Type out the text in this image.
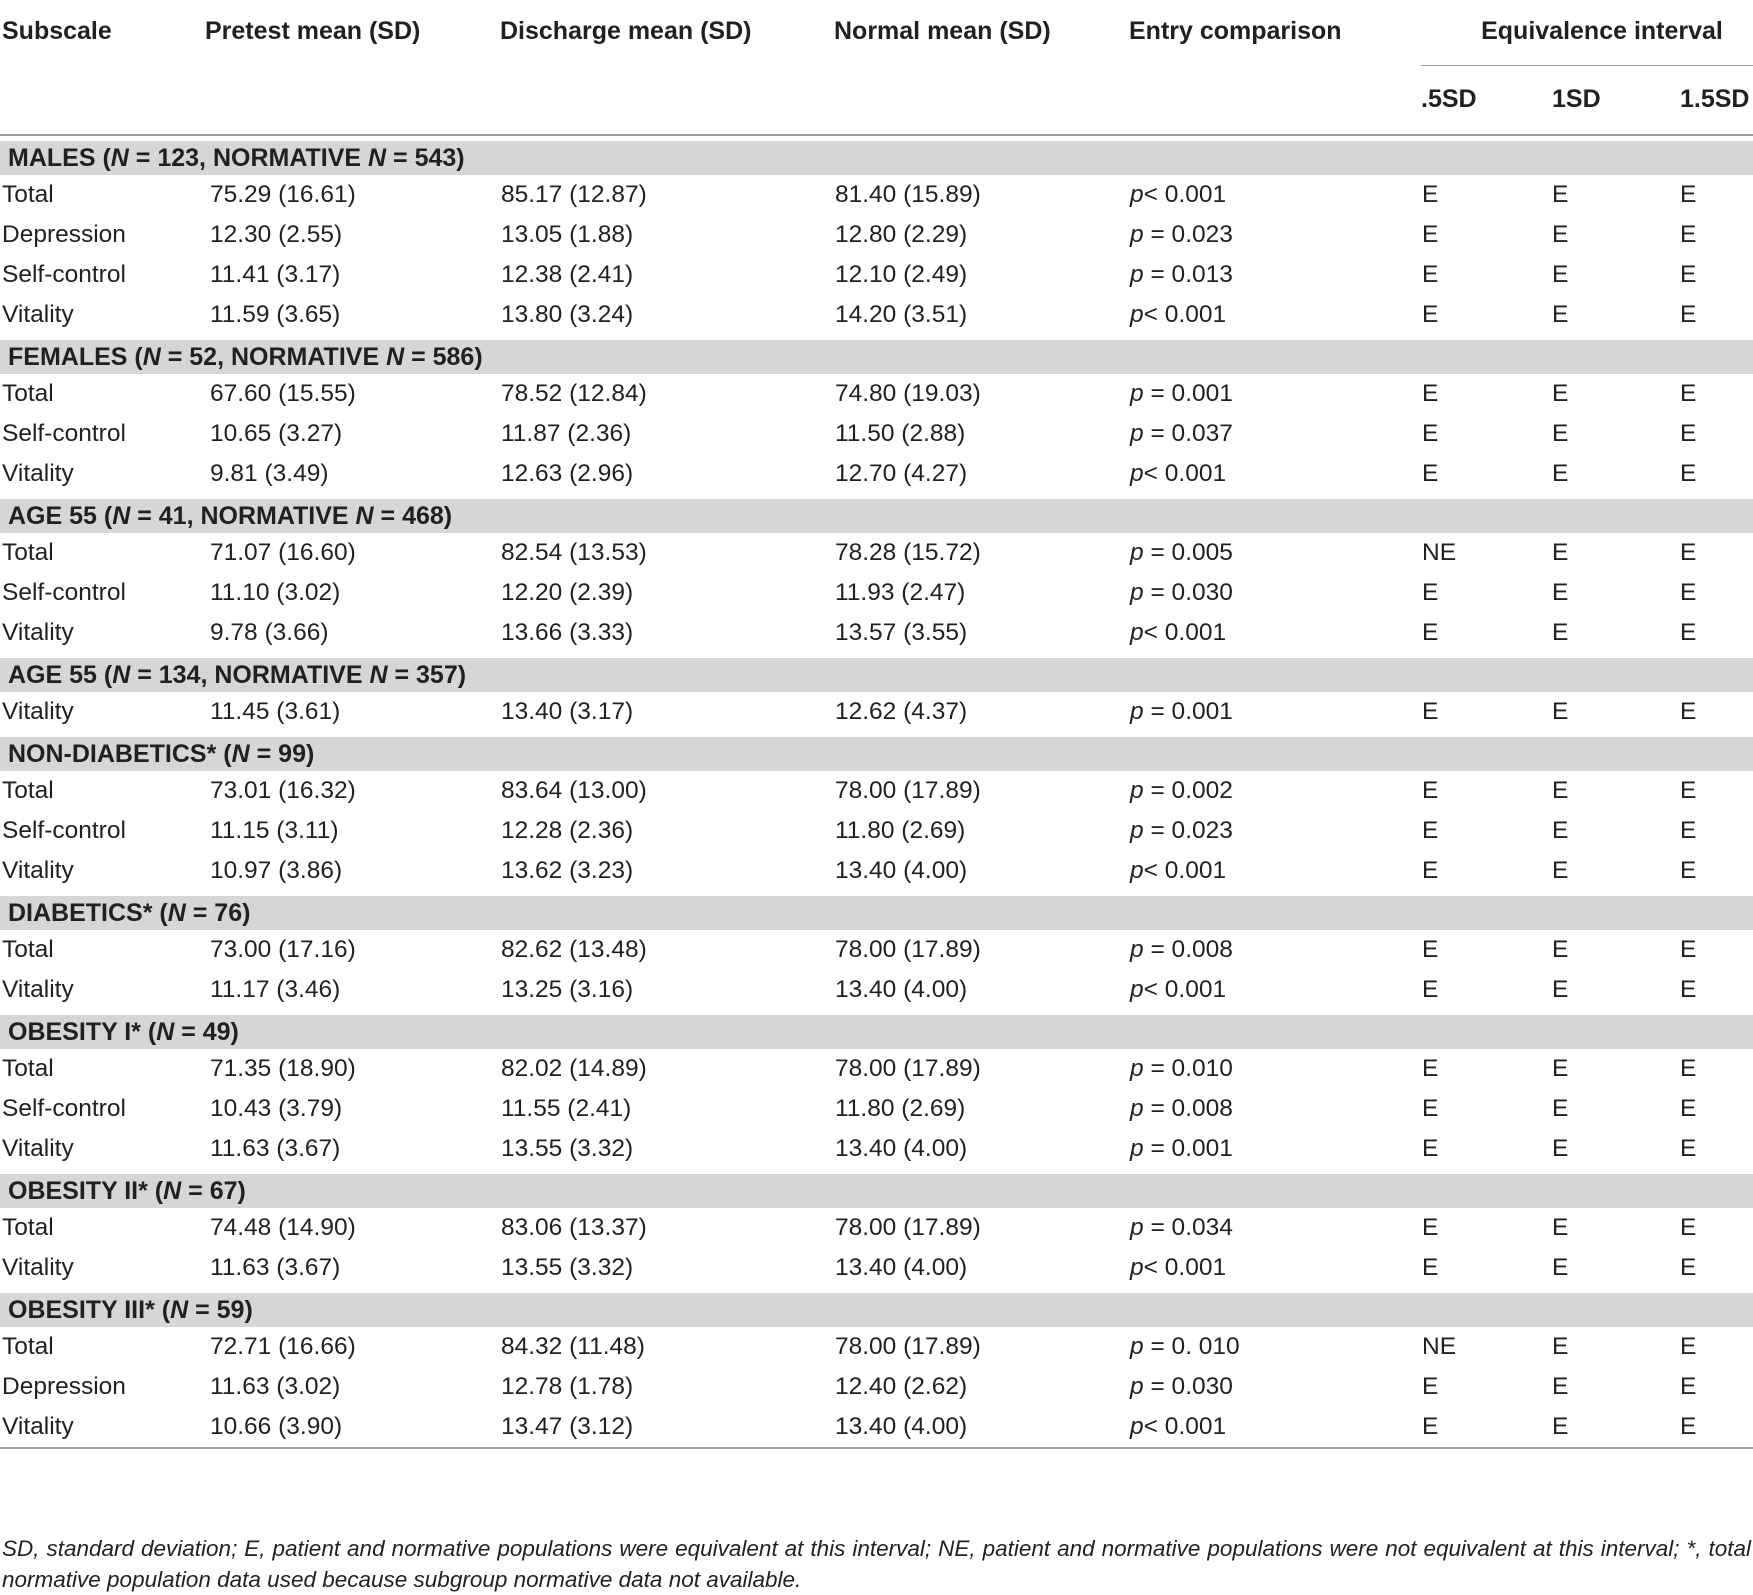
Subscale	Pretest mean (SD)	Discharge mean (SD)	Normal mean (SD)	Entry comparison	Equivalence interval		
					.5SD	1SD	1.5SD

MALES (N = 123, NORMATIVE N = 543)							
Total	75.29 (16.61)	85.17 (12.87)	81.40 (15.89)	p< 0.001	E	E	E
Depression	12.30 (2.55)	13.05 (1.88)	12.80 (2.29)	p = 0.023	E	E	E
Self-control	11.41 (3.17)	12.38 (2.41)	12.10 (2.49)	p = 0.013	E	E	E
Vitality	11.59 (3.65)	13.80 (3.24)	14.20 (3.51)	p< 0.001	E	E	E

FEMALES (N = 52, NORMATIVE N = 586)							
Total	67.60 (15.55)	78.52 (12.84)	74.80 (19.03)	p = 0.001	E	E	E
Self-control	10.65 (3.27)	11.87 (2.36)	11.50 (2.88)	p = 0.037	E	E	E
Vitality	9.81 (3.49)	12.63 (2.96)	12.70 (4.27)	p< 0.001	E	E	E

AGE 55 (N = 41, NORMATIVE N = 468)							
Total	71.07 (16.60)	82.54 (13.53)	78.28 (15.72)	p = 0.005	NE	E	E
Self-control	11.10 (3.02)	12.20 (2.39)	11.93 (2.47)	p = 0.030	E	E	E
Vitality	9.78 (3.66)	13.66 (3.33)	13.57 (3.55)	p< 0.001	E	E	E

AGE 55 (N = 134, NORMATIVE N = 357)							
Vitality	11.45 (3.61)	13.40 (3.17)	12.62 (4.37)	p = 0.001	E	E	E

NON-DIABETICS* (N = 99)							
Total	73.01 (16.32)	83.64 (13.00)	78.00 (17.89)	p = 0.002	E	E	E
Self-control	11.15 (3.11)	12.28 (2.36)	11.80 (2.69)	p = 0.023	E	E	E
Vitality	10.97 (3.86)	13.62 (3.23)	13.40 (4.00)	p< 0.001	E	E	E

DIABETICS* (N = 76)							
Total	73.00 (17.16)	82.62 (13.48)	78.00 (17.89)	p = 0.008	E	E	E
Vitality	11.17 (3.46)	13.25 (3.16)	13.40 (4.00)	p< 0.001	E	E	E

OBESITY I* (N = 49)							
Total	71.35 (18.90)	82.02 (14.89)	78.00 (17.89)	p = 0.010	E	E	E
Self-control	10.43 (3.79)	11.55 (2.41)	11.80 (2.69)	p = 0.008	E	E	E
Vitality	11.63 (3.67)	13.55 (3.32)	13.40 (4.00)	p = 0.001	E	E	E

OBESITY II* (N = 67)							
Total	74.48 (14.90)	83.06 (13.37)	78.00 (17.89)	p = 0.034	E	E	E
Vitality	11.63 (3.67)	13.55 (3.32)	13.40 (4.00)	p< 0.001	E	E	E

OBESITY III* (N = 59)							
Total	72.71 (16.66)	84.32 (11.48)	78.00 (17.89)	p = 0. 010	NE	E	E
Depression	11.63 (3.02)	12.78 (1.78)	12.40 (2.62)	p = 0.030	E	E	E
Vitality	10.66 (3.90)	13.47 (3.12)	13.40 (4.00)	p< 0.001	E	E	E

SD, standard deviation; E, patient and normative populations were equivalent at this interval; NE, patient and normative populations were not equivalent at this interval; *, total normative population data used because subgroup normative data not available.
